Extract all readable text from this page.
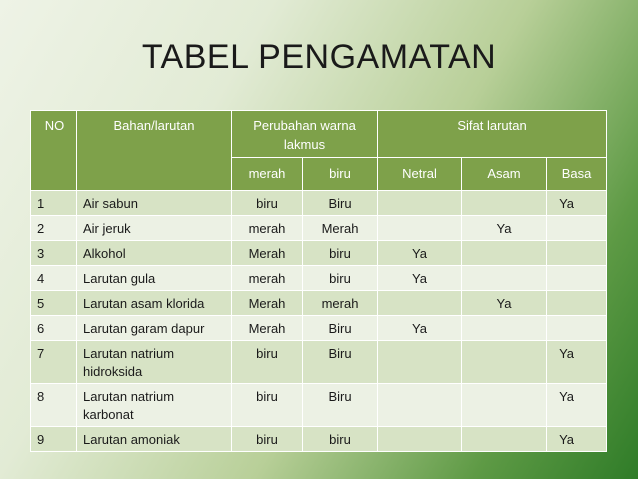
TABEL PENGAMATAN
NO	Bahan/larutan	Perubahan warna lakmus		Sifat larutan		
		merah	biru	Netral	Asam	Basa
1	Air sabun	biru	Biru			Ya
2	Air jeruk	merah	Merah		Ya	
3	Alkohol	Merah	biru	Ya		
4	Larutan gula	merah	biru	Ya		
5	Larutan asam klorida	Merah	merah		Ya	
6	Larutan garam dapur	Merah	Biru	Ya		
7	Larutan natrium hidroksida	biru	Biru			Ya
8	Larutan natrium karbonat	biru	Biru			Ya
9	Larutan amoniak	biru	biru			Ya
